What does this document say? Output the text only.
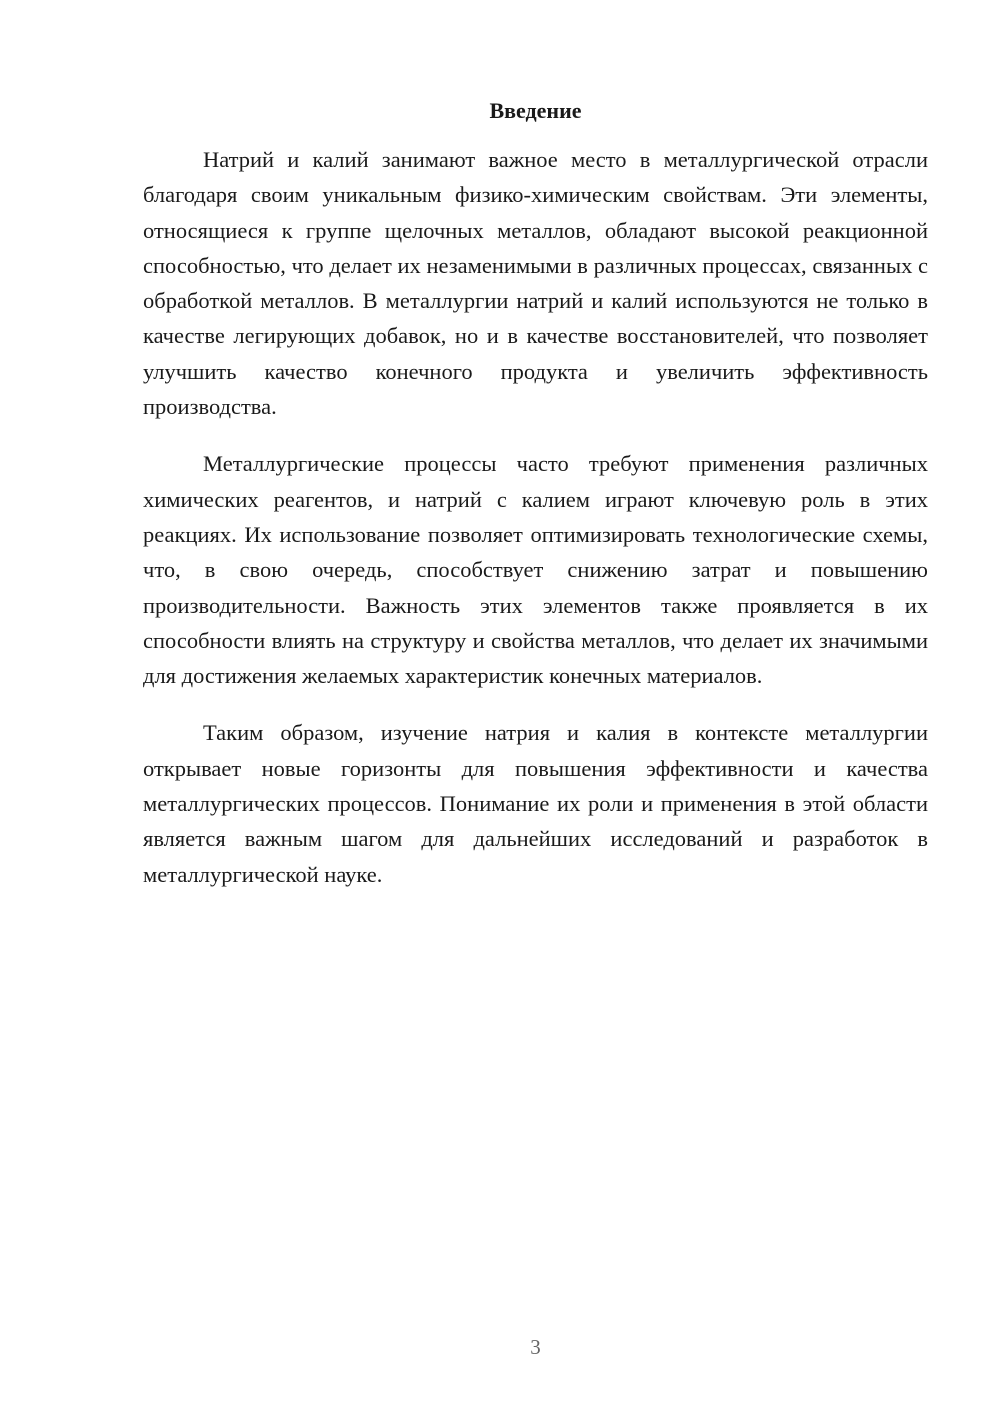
Введение

Натрий и калий занимают важное место в металлургической отрасли благодаря своим уникальным физико-химическим свойствам. Эти элементы, относящиеся к группе щелочных металлов, обладают высокой реакционной способностью, что делает их незаменимыми в различных процессах, связанных с обработкой металлов. В металлургии натрий и калий используются не только в качестве легирующих добавок, но и в качестве восстановителей, что позволяет улучшить качество конечного продукта и увеличить эффективность производства.

Металлургические процессы часто требуют применения различных химических реагентов, и натрий с калием играют ключевую роль в этих реакциях. Их использование позволяет оптимизировать технологические схемы, что, в свою очередь, способствует снижению затрат и повышению производительности. Важность этих элементов также проявляется в их способности влиять на структуру и свойства металлов, что делает их значимыми для достижения желаемых характеристик конечных материалов.

Таким образом, изучение натрия и калия в контексте металлургии открывает новые горизонты для повышения эффективности и качества металлургических процессов. Понимание их роли и применения в этой области является важным шагом для дальнейших исследований и разработок в металлургической науке.

3
